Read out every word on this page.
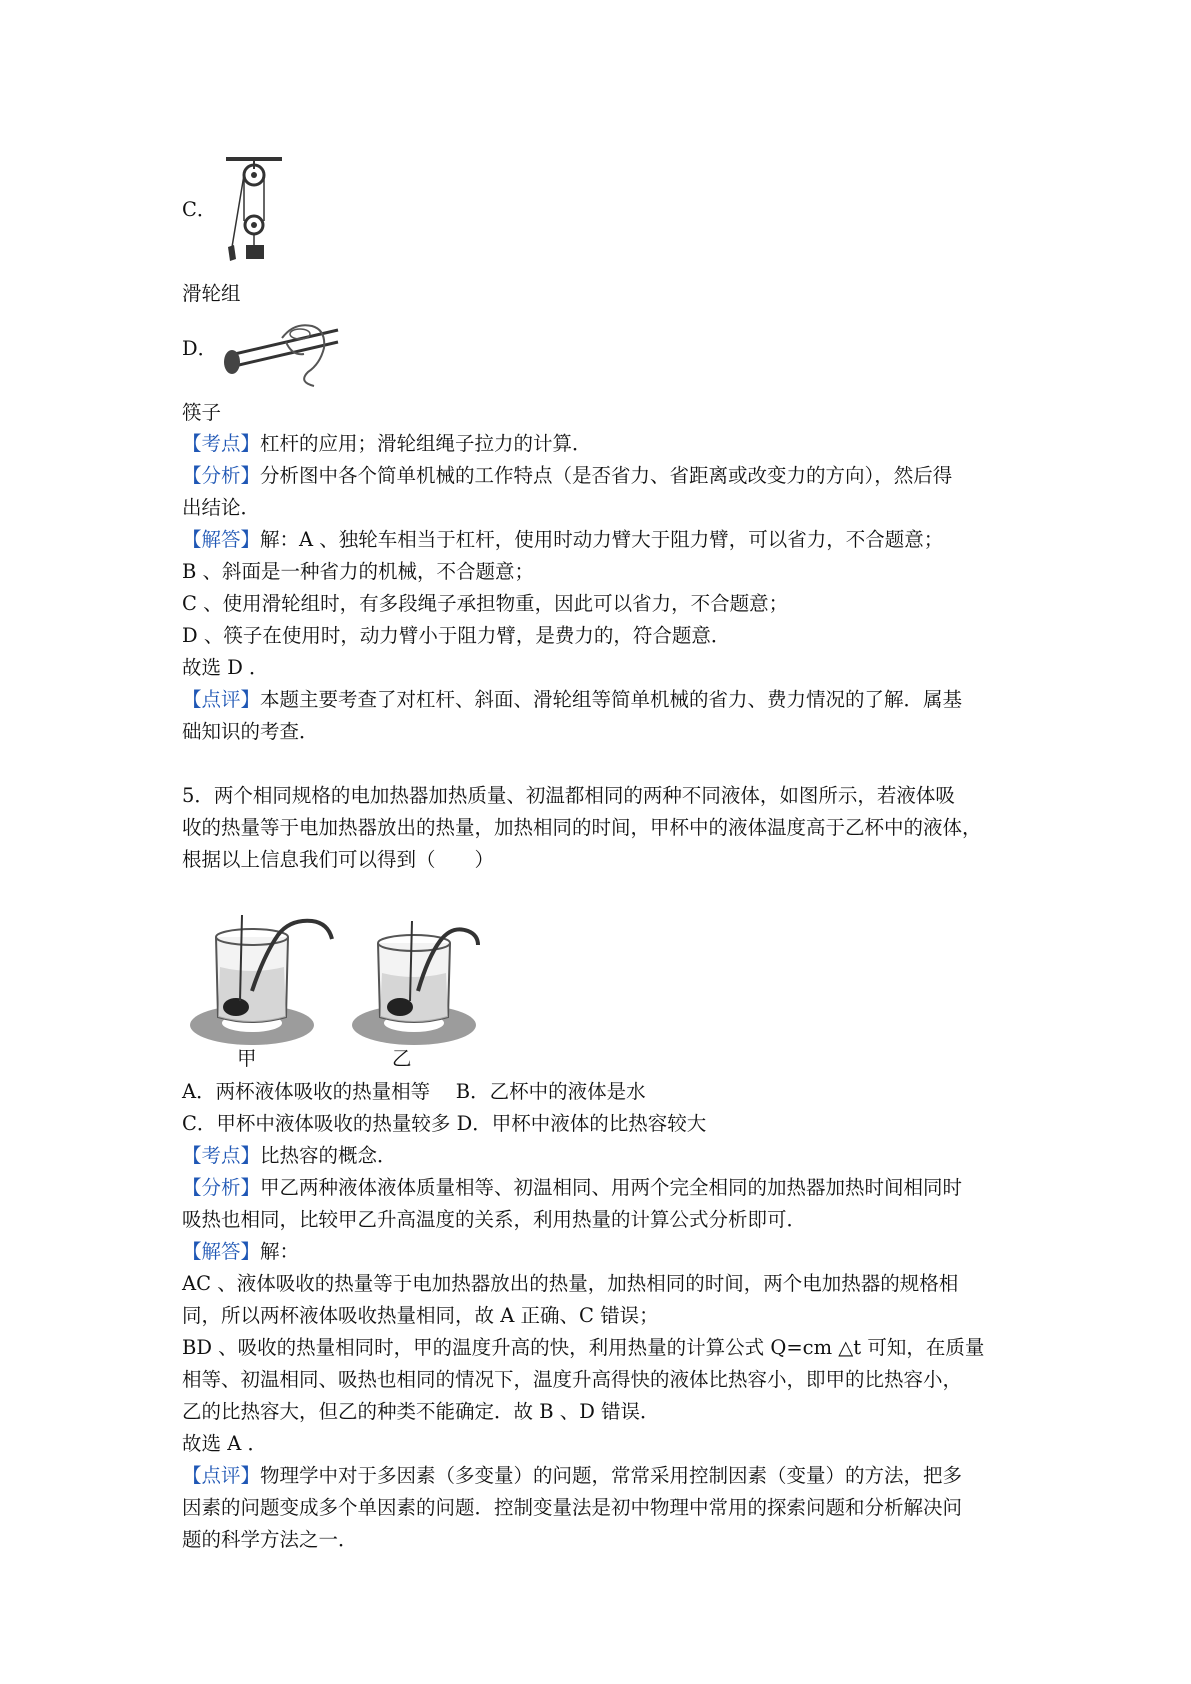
C．
滑轮组
D．
筷子
【考点】杠杆的应用；滑轮组绳子拉力的计算．
【分析】分析图中各个简单机械的工作特点（是否省力、省距离或改变力的方向），然后得
出结论．
【解答】解：A 、独轮车相当于杠杆，使用时动力臂大于阻力臂，可以省力，不合题意；
B 、斜面是一种省力的机械，不合题意；
C 、使用滑轮组时，有多段绳子承担物重，因此可以省力，不合题意；
D 、筷子在使用时，动力臂小于阻力臂，是费力的，符合题意．
故选 D ．
【点评】本题主要考查了对杠杆、斜面、滑轮组等简单机械的省力、费力情况的了解．属基
础知识的考查．
5．两个相同规格的电加热器加热质量、初温都相同的两种不同液体，如图所示，若液体吸
收的热量等于电加热器放出的热量，加热相同的时间，甲杯中的液体温度高于乙杯中的液体，
根据以上信息我们可以得到（　　）
甲	乙
A．两杯液体吸收的热量相等　 B．乙杯中的液体是水
C．甲杯中液体吸收的热量较多 D．甲杯中液体的比热容较大
【考点】比热容的概念．
【分析】甲乙两种液体液体质量相等、初温相同、用两个完全相同的加热器加热时间相同时
吸热也相同，比较甲乙升高温度的关系，利用热量的计算公式分析即可．
【解答】解：
AC 、液体吸收的热量等于电加热器放出的热量，加热相同的时间，两个电加热器的规格相
同，所以两杯液体吸收热量相同，故 A 正确、C 错误；
BD 、吸收的热量相同时，甲的温度升高的快，利用热量的计算公式 Q=cm △t 可知，在质量
相等、初温相同、吸热也相同的情况下，温度升高得快的液体比热容小，即甲的比热容小，
乙的比热容大，但乙的种类不能确定．故 B 、D 错误．
故选 A ．
【点评】物理学中对于多因素（多变量）的问题，常常采用控制因素（变量）的方法，把多
因素的问题变成多个单因素的问题．控制变量法是初中物理中常用的探索问题和分析解决问
题的科学方法之一．
